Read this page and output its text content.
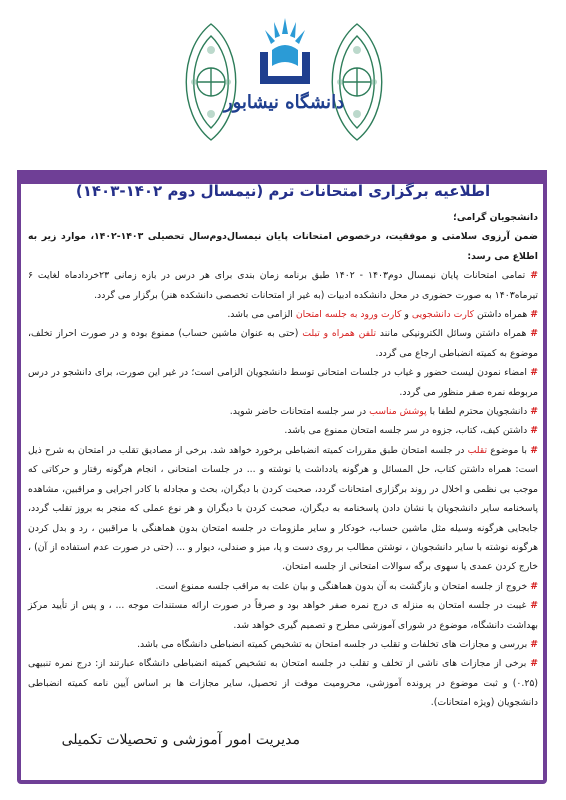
دانشگاه نیشابور
اطلاعیه برگزاری امتحانات ترم (نیمسال دوم ۱۴۰۲-۱۴۰۳)

دانشجویان گرامی؛

ضمن آرزوی سلامتی و موفقیت، درخصوص امتحانات پایان نیمسال‌دوم‌سال تحصیلی ۱۴۰۳-۱۴۰۲، موارد زیر به اطلاع می رسد:

# تمامی امتحانات پایان نیمسال دوم۱۴۰۳ - ۱۴۰۲ طبق برنامه زمان بندی برای هر درس در بازه زمانی ۲۳خرداد‌ماه لغایت ۶ تیرماه۱۴۰۳ به صورت حضوری در محل دانشکده ادبیات (به غیر از امتحانات تخصصی دانشکده هنر) برگزار می گردد.

# همراه داشتن کارت دانشجویی و کارت ورود به جلسه امتحان الزامی می باشد.

# همراه داشتن وسائل الکترونیکی مانند تلفن همراه و تبلت (حتی به عنوان ماشین حساب) ممنوع بوده و در صورت احراز تخلف، موضوع به کمیته انضباطی ارجاع می گردد.

# امضاء نمودن لیست حضور و غیاب در جلسات امتحانی توسط دانشجویان الزامی است؛ در غیر این صورت، برای دانشجو در درس مربوطه نمره صفر منظور می گردد.

# دانشجویان محترم لطفا با پوشش مناسب در سر جلسه امتحانات حاضر شوید.

# داشتن کیف، کتاب، جزوه در سر جلسه امتحان ممنوع می باشد.

# با موضوع تقلب در جلسه امتحان طبق مقررات کمیته انضباطی برخورد خواهد شد. برخی از مصادیق تقلب در امتحان به شرح ذیل است: همراه داشتن کتاب، حل المسائل و هرگونه یادداشت یا نوشته و ... در جلسات امتحانی ، انجام هرگونه رفتار و حرکاتی که موجب بی نظمی و اخلال در روند برگزاری امتحانات گردد، صحبت کردن با دیگران، بحث و مجادله با کادر اجرایی و مراقبین، مشاهده پاسخنامه سایر دانشجویان یا نشان دادن پاسخنامه به دیگران، صحبت کردن با دیگران و هر نوع عملی که منجر به بروز تقلب گردد، جابجایی هرگونه وسیله مثل ماشین حساب، خودکار و سایر ملزومات در جلسه امتحان بدون هماهنگی با مراقبین ، رد و بدل کردن هرگونه نوشته با سایر دانشجویان ، نوشتن مطالب بر روی دست و پا، میز و صندلی، دیوار و ... (حتی در صورت عدم استفاده از آن) ، خارج کردن عمدی یا سهوی برگه سوالات امتحانی از جلسه امتحان.

# خروج از جلسه امتحان و بازگشت به آن بدون هماهنگی و بیان علت به مراقب جلسه ممنوع است.

# غیبت در جلسه امتحان به منزله ی درج نمره صفر خواهد بود و صرفاً در صورت ارائه مستندات موجه ... ، و پس از تأیید مرکز بهداشت دانشگاه، موضوع در شورای آموزشی مطرح و تصمیم گیری خواهد شد.

# بررسی و مجازات های تخلفات و تقلب در جلسه امتحان به تشخیص کمیته انضباطی دانشگاه می باشد.

# برخی از مجازات های ناشی از تخلف و تقلب در جلسه امتحان به تشخیص کمیته انضباطی دانشگاه عبارتند از: درج نمره تنبیهی (۰.۲۵) و ثبت موضوع در پرونده آموزشی، محرومیت موقت از تحصیل، سایر مجازات ها بر اساس آیین نامه کمیته انضباطی دانشجویان (ویژه امتحانات).

مدیریت امور آموزشی و تحصیلات تکمیلی
